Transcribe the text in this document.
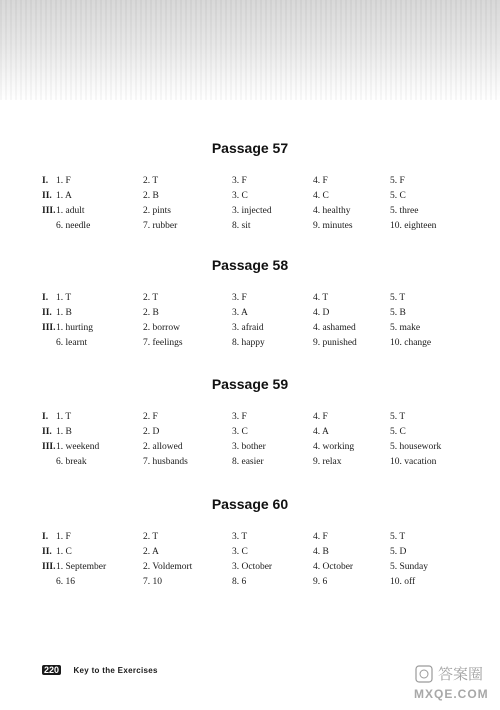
Passage 57
I. 1. F	2. T	3. F	4. F	5. F
II. 1. A	2. B	3. C	4. C	5. C
III. 1. adult	2. pints	3. injected	4. healthy	5. three
6. needle	7. rubber	8. sit	9. minutes	10. eighteen
Passage 58
I. 1. T	2. T	3. F	4. T	5. T
II. 1. B	2. B	3. A	4. D	5. B
III. 1. hurting	2. borrow	3. afraid	4. ashamed	5. make
6. learnt	7. feelings	8. happy	9. punished	10. change
Passage 59
I. 1. T	2. F	3. F	4. F	5. T
II. 1. B	2. D	3. C	4. A	5. C
III. 1. weekend	2. allowed	3. bother	4. working	5. housework
6. break	7. husbands	8. easier	9. relax	10. vacation
Passage 60
I. 1. F	2. T	3. T	4. F	5. T
II. 1. C	2. A	3. C	4. B	5. D
III. 1. September	2. Voldemort	3. October	4. October	5. Sunday
6. 16	7. 10	8. 6	9. 6	10. off
220 Key to the Exercises	答案圈
MXQE.COM
